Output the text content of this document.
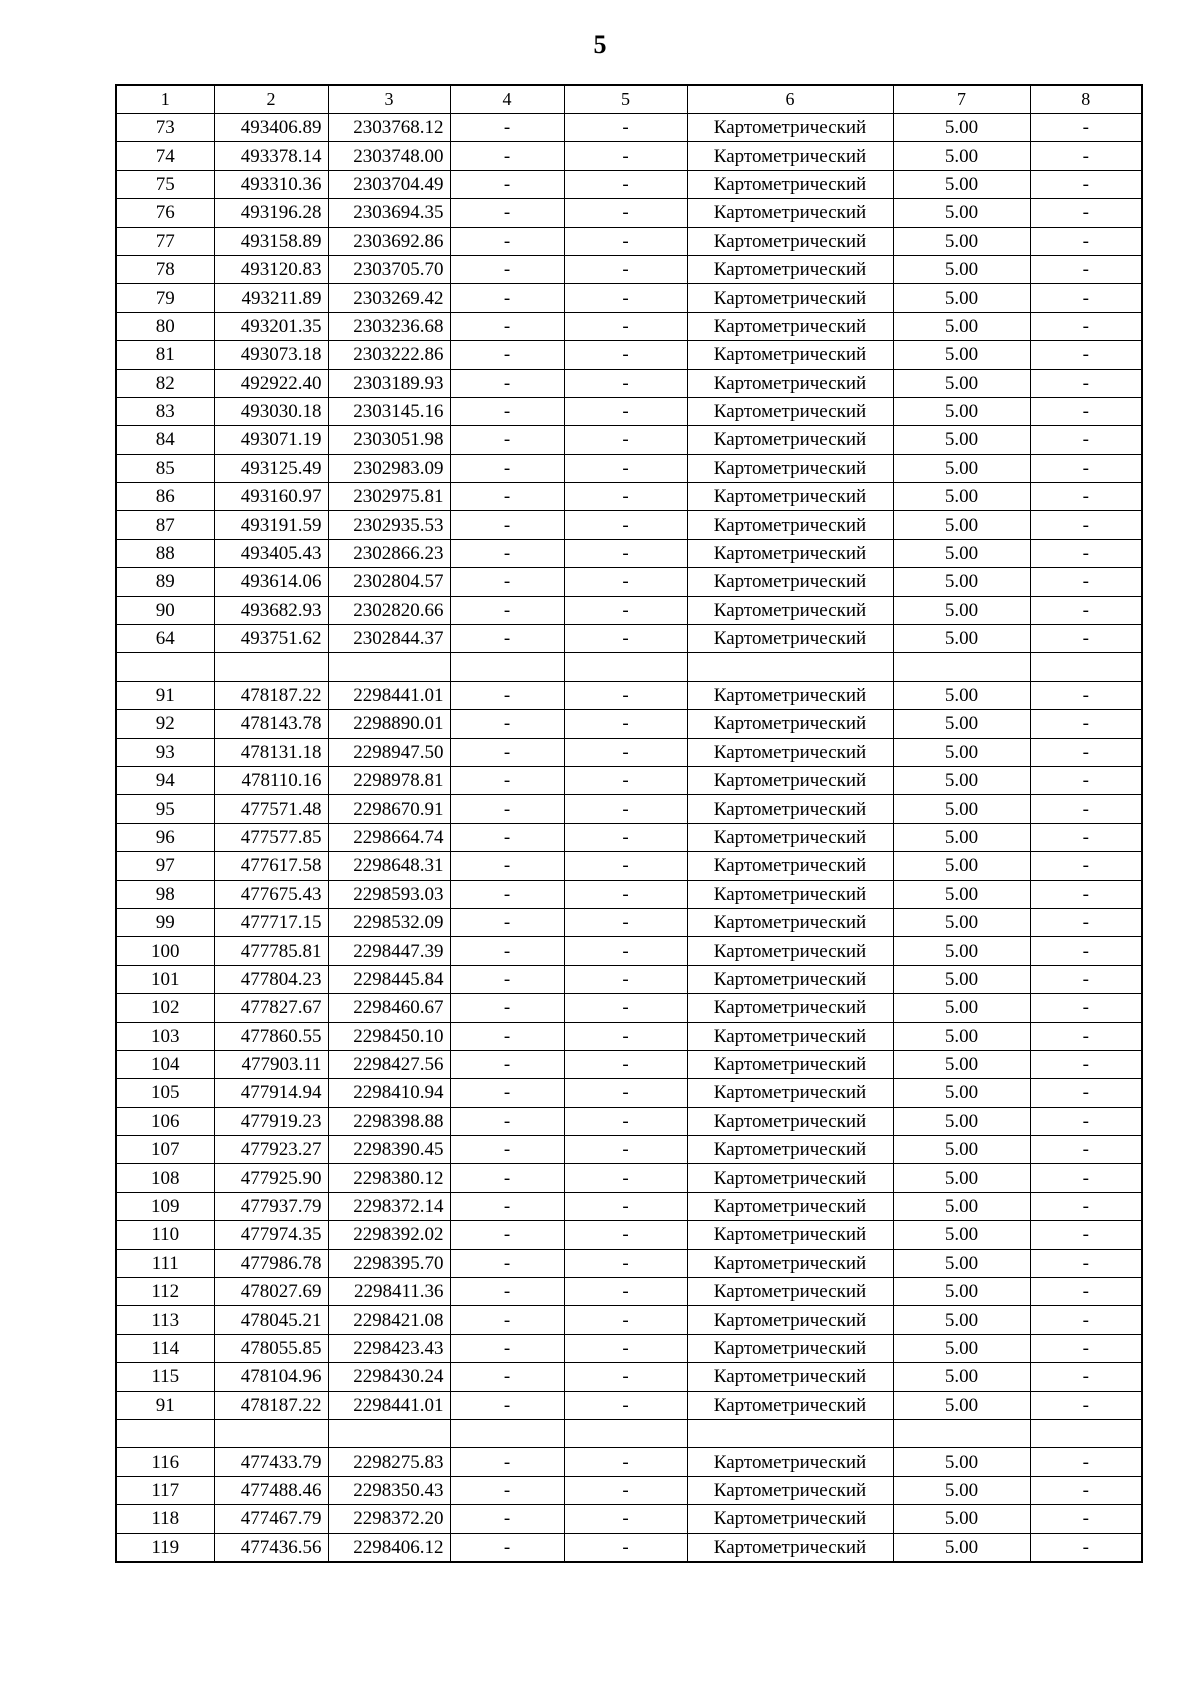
5
1	2	3	4	5	6	7	8
73	493406.89	2303768.12	-	-	Картометрический	5.00	-
74	493378.14	2303748.00	-	-	Картометрический	5.00	-
75	493310.36	2303704.49	-	-	Картометрический	5.00	-
76	493196.28	2303694.35	-	-	Картометрический	5.00	-
77	493158.89	2303692.86	-	-	Картометрический	5.00	-
78	493120.83	2303705.70	-	-	Картометрический	5.00	-
79	493211.89	2303269.42	-	-	Картометрический	5.00	-
80	493201.35	2303236.68	-	-	Картометрический	5.00	-
81	493073.18	2303222.86	-	-	Картометрический	5.00	-
82	492922.40	2303189.93	-	-	Картометрический	5.00	-
83	493030.18	2303145.16	-	-	Картометрический	5.00	-
84	493071.19	2303051.98	-	-	Картометрический	5.00	-
85	493125.49	2302983.09	-	-	Картометрический	5.00	-
86	493160.97	2302975.81	-	-	Картометрический	5.00	-
87	493191.59	2302935.53	-	-	Картометрический	5.00	-
88	493405.43	2302866.23	-	-	Картометрический	5.00	-
89	493614.06	2302804.57	-	-	Картометрический	5.00	-
90	493682.93	2302820.66	-	-	Картометрический	5.00	-
64	493751.62	2302844.37	-	-	Картометрический	5.00	-

91	478187.22	2298441.01	-	-	Картометрический	5.00	-
92	478143.78	2298890.01	-	-	Картометрический	5.00	-
93	478131.18	2298947.50	-	-	Картометрический	5.00	-
94	478110.16	2298978.81	-	-	Картометрический	5.00	-
95	477571.48	2298670.91	-	-	Картометрический	5.00	-
96	477577.85	2298664.74	-	-	Картометрический	5.00	-
97	477617.58	2298648.31	-	-	Картометрический	5.00	-
98	477675.43	2298593.03	-	-	Картометрический	5.00	-
99	477717.15	2298532.09	-	-	Картометрический	5.00	-
100	477785.81	2298447.39	-	-	Картометрический	5.00	-
101	477804.23	2298445.84	-	-	Картометрический	5.00	-
102	477827.67	2298460.67	-	-	Картометрический	5.00	-
103	477860.55	2298450.10	-	-	Картометрический	5.00	-
104	477903.11	2298427.56	-	-	Картометрический	5.00	-
105	477914.94	2298410.94	-	-	Картометрический	5.00	-
106	477919.23	2298398.88	-	-	Картометрический	5.00	-
107	477923.27	2298390.45	-	-	Картометрический	5.00	-
108	477925.90	2298380.12	-	-	Картометрический	5.00	-
109	477937.79	2298372.14	-	-	Картометрический	5.00	-
110	477974.35	2298392.02	-	-	Картометрический	5.00	-
111	477986.78	2298395.70	-	-	Картометрический	5.00	-
112	478027.69	2298411.36	-	-	Картометрический	5.00	-
113	478045.21	2298421.08	-	-	Картометрический	5.00	-
114	478055.85	2298423.43	-	-	Картометрический	5.00	-
115	478104.96	2298430.24	-	-	Картометрический	5.00	-
91	478187.22	2298441.01	-	-	Картометрический	5.00	-

116	477433.79	2298275.83	-	-	Картометрический	5.00	-
117	477488.46	2298350.43	-	-	Картометрический	5.00	-
118	477467.79	2298372.20	-	-	Картометрический	5.00	-
119	477436.56	2298406.12	-	-	Картометрический	5.00	-
